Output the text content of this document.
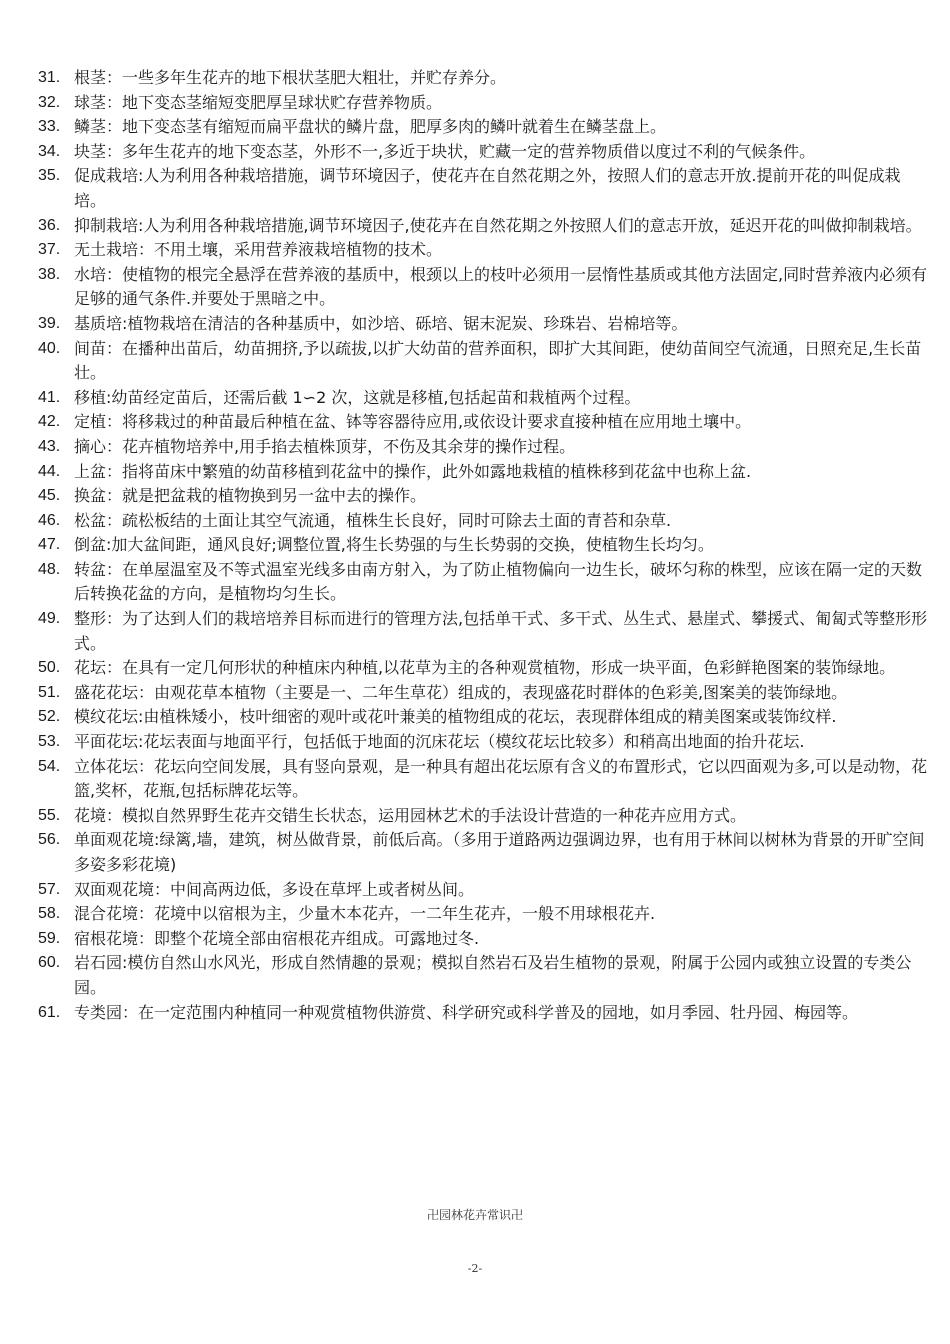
31. 根茎：一些多年生花卉的地下根状茎肥大粗壮，并贮存养分。
32. 球茎：地下变态茎缩短变肥厚呈球状贮存营养物质。
33. 鳞茎：地下变态茎有缩短而扁平盘状的鳞片盘，肥厚多肉的鳞叶就着生在鳞茎盘上。
34. 块茎：多年生花卉的地下变态茎，外形不一,多近于块状，贮藏一定的营养物质借以度过不利的气候条件。
35. 促成栽培:人为利用各种栽培措施，调节环境因子，使花卉在自然花期之外，按照人们的意志开放.提前开花的叫促成栽培。
36. 抑制栽培:人为利用各种栽培措施,调节环境因子,使花卉在自然花期之外按照人们的意志开放，延迟开花的叫做抑制栽培。
37. 无土栽培：不用土壤，采用营养液栽培植物的技术。
38. 水培：使植物的根完全悬浮在营养液的基质中，根颈以上的枝叶必须用一层惰性基质或其他方法固定,同时营养液内必须有足够的通气条件.并要处于黑暗之中。
39. 基质培:植物栽培在清洁的各种基质中，如沙培、砾培、锯末泥炭、珍珠岩、岩棉培等。
40. 间苗：在播种出苗后，幼苗拥挤,予以疏拔,以扩大幼苗的营养面积，即扩大其间距，使幼苗间空气流通，日照充足,生长苗壮。
41. 移植:幼苗经定苗后，还需后截 1∽2 次，这就是移植,包括起苗和栽植两个过程。
42. 定植：将移栽过的种苗最后种植在盆、钵等容器待应用,或依设计要求直接种植在应用地土壤中。
43. 摘心：花卉植物培养中,用手掐去植株顶芽，不伤及其余芽的操作过程。
44. 上盆：指将苗床中繁殖的幼苗移植到花盆中的操作，此外如露地栽植的植株移到花盆中也称上盆.
45. 换盆：就是把盆栽的植物换到另一盆中去的操作。
46. 松盆：疏松板结的土面让其空气流通，植株生长良好，同时可除去土面的青苔和杂草.
47. 倒盆:加大盆间距，通风良好;调整位置,将生长势强的与生长势弱的交换，使植物生长均匀。
48. 转盆：在单屋温室及不等式温室光线多由南方射入，为了防止植物偏向一边生长，破坏匀称的株型，应该在隔一定的天数后转换花盆的方向，是植物均匀生长。
49. 整形：为了达到人们的栽培培养目标而进行的管理方法,包括单干式、多干式、丛生式、悬崖式、攀援式、匍匐式等整形形式。
50. 花坛：在具有一定几何形状的种植床内种植,以花草为主的各种观赏植物，形成一块平面，色彩鲜艳图案的装饰绿地。
51. 盛花花坛：由观花草本植物（主要是一、二年生草花）组成的，表现盛花时群体的色彩美,图案美的装饰绿地。
52. 模纹花坛:由植株矮小，枝叶细密的观叶或花叶兼美的植物组成的花坛，表现群体组成的精美图案或装饰纹样.
53. 平面花坛:花坛表面与地面平行，包括低于地面的沉床花坛（模纹花坛比较多）和稍高出地面的抬升花坛.
54. 立体花坛：花坛向空间发展，具有竖向景观，是一种具有超出花坛原有含义的布置形式，它以四面观为多,可以是动物，花篮,奖杯，花瓶,包括标牌花坛等。
55. 花境：模拟自然界野生花卉交错生长状态，运用园林艺术的手法设计营造的一种花卉应用方式。
56. 单面观花境:绿篱,墙，建筑，树丛做背景，前低后高。（多用于道路两边强调边界，也有用于林间以树林为背景的开旷空间多姿多彩花境)
57. 双面观花境：中间高两边低，多设在草坪上或者树丛间。
58. 混合花境：花境中以宿根为主，少量木本花卉，一二年生花卉，一般不用球根花卉.
59. 宿根花境：即整个花境全部由宿根花卉组成。可露地过冬.
60. 岩石园:模仿自然山水风光，形成自然情趣的景观；模拟自然岩石及岩生植物的景观，附属于公园内或独立设置的专类公园。
61. 专类园：在一定范围内种植同一种观赏植物供游赏、科学研究或科学普及的园地，如月季园、牡丹园、梅园等。
卍园林花卉常识卍
-2-
